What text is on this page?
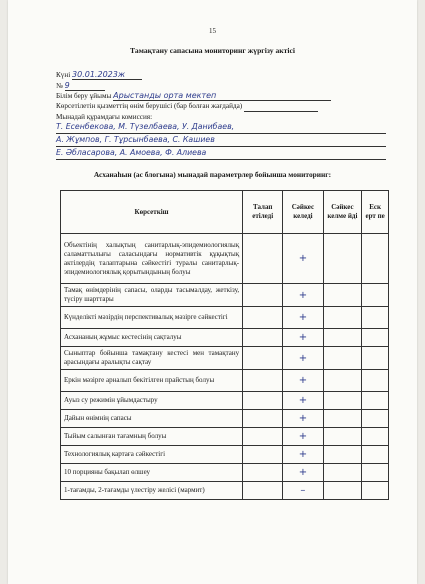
15
Тамақтану сапасына мониторинг жүргізу актісі
Күні 30.01.2023ж
№ 9
Білім беру ұйымы Арыстанды орта мектеп
Көрсетілетін қызметтің өнім берушісі (бар болған жағдайда)
Мынадай құрамдағы комиссия:
Т. Есенбекова, М. Түзелбаева, У. Данибаев,
А. Жұмпов, Г. Тұрсынбаева, С. Кашиев
Е. Әбласарова, А. Амоева, Ф. Алиева
Асханаһын (ас блогына) мынадай параметрлер бойынша мониторинг:
Көрсеткіш	Талап етіледі	Сәйкес келеді	Сәйкес келме йді	Еск ерт пе
Объектінің халықтың санитарлық-эпидемиологиялық саламаттылығы саласындағы нормативтік құқықтық актілердің талаптарына сәйкестігі туралы санитарлық-эпидемиологиялық қорытындының болуы		+		
Тамақ өнімдерінің сапасы, оларды тасымалдау, жеткізу, түсіру шарттары		+		
Күнделікті мәзірдің перспективалық мәзірге сәйкестігі		+		
Асхананың жұмыс кестесінің сақталуы		+		
Сыныптар бойынша тамақтану кестесі мен тамақтану арасындағы аралықты сақтау		+		
Еркін мәзірге арналып бекітілген прайстың болуы		+		
Ауыз су режимін ұйымдастыру		+		
Дайын өнімнің сапасы		+		
Тыйым салынған тағамның болуы		+		
Технологиялық картаға сәйкестігі		+		
10 порцияны бақылап өлшеу		+		
1-тағамды, 2-тағамды үлестіру желісі (мармит)		–		
